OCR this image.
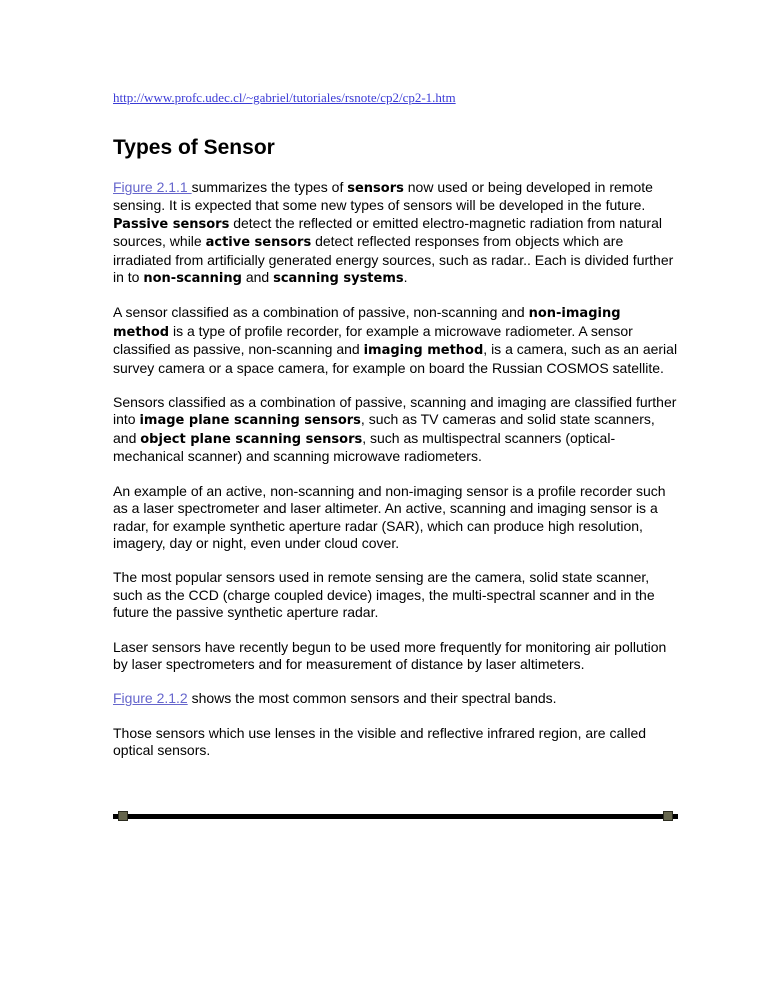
http://www.profc.udec.cl/~gabriel/tutoriales/rsnote/cp2/cp2-1.htm
Types of Sensor

Figure 2.1.1 summarizes the types of sensors now used or being developed in remote sensing. It is expected that some new types of sensors will be developed in the future. Passive sensors detect the reflected or emitted electro-magnetic radiation from natural sources, while active sensors detect reflected responses from objects which are irradiated from artificially generated energy sources, such as radar.. Each is divided further in to non-scanning and scanning systems.

A sensor classified as a combination of passive, non-scanning and non-imaging method is a type of profile recorder, for example a microwave radiometer. A sensor classified as passive, non-scanning and imaging method, is a camera, such as an aerial survey camera or a space camera, for example on board the Russian COSMOS satellite.

Sensors classified as a combination of passive, scanning and imaging are classified further into image plane scanning sensors, such as TV cameras and solid state scanners, and object plane scanning sensors, such as multispectral scanners (optical-mechanical scanner) and scanning microwave radiometers.

An example of an active, non-scanning and non-imaging sensor is a profile recorder such as a laser spectrometer and laser altimeter. An active, scanning and imaging sensor is a radar, for example synthetic aperture radar (SAR), which can produce high resolution, imagery, day or night, even under cloud cover.

The most popular sensors used in remote sensing are the camera, solid state scanner, such as the CCD (charge coupled device) images, the multi-spectral scanner and in the future the passive synthetic aperture radar.

Laser sensors have recently begun to be used more frequently for monitoring air pollution by laser spectrometers and for measurement of distance by laser altimeters.

Figure 2.1.2 shows the most common sensors and their spectral bands.

Those sensors which use lenses in the visible and reflective infrared region, are called optical sensors.
